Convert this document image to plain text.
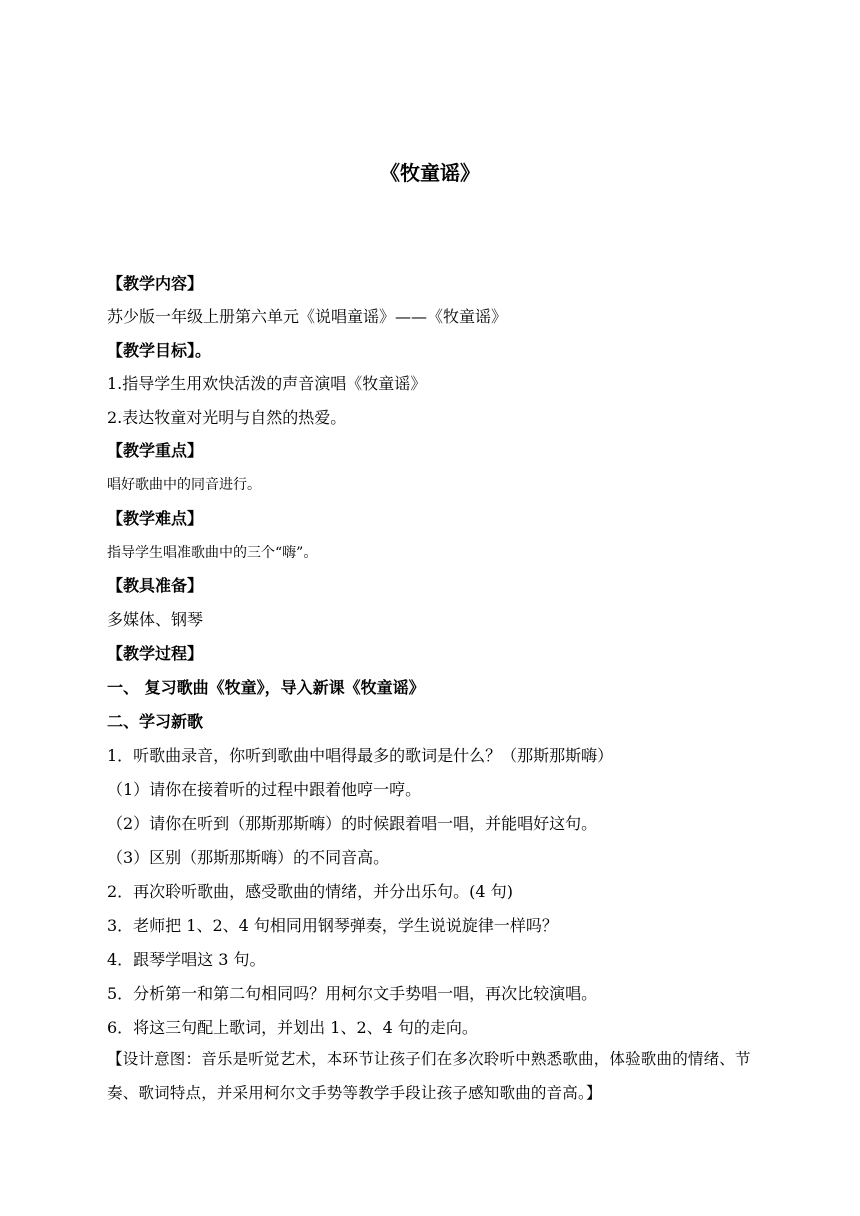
《牧童谣》
【教学内容】
苏少版一年级上册第六单元《说唱童谣》——《牧童谣》
【教学目标】。
1.指导学生用欢快活泼的声音演唱《牧童谣》
2.表达牧童对光明与自然的热爱。
【教学重点】
唱好歌曲中的同音进行。
【教学难点】
指导学生唱准歌曲中的三个“嗨”。
【教具准备】
多媒体、钢琴
【教学过程】
一、 复习歌曲《牧童》，导入新课《牧童谣》
二、学习新歌
1．听歌曲录音，你听到歌曲中唱得最多的歌词是什么？（那斯那斯嗨）
（1）请你在接着听的过程中跟着他哼一哼。
（2）请你在听到（那斯那斯嗨）的时候跟着唱一唱，并能唱好这句。
（3）区别（那斯那斯嗨）的不同音高。
2．再次聆听歌曲，感受歌曲的情绪，并分出乐句。(4 句)
3．老师把 1、2、4 句相同用钢琴弹奏，学生说说旋律一样吗？
4．跟琴学唱这 3 句。
5．分析第一和第二句相同吗？用柯尔文手势唱一唱，再次比较演唱。
6．将这三句配上歌词，并划出 1、2、4 句的走向。
【设计意图：音乐是听觉艺术，本环节让孩子们在多次聆听中熟悉歌曲，体验歌曲的情绪、节奏、歌词特点，并采用柯尔文手势等教学手段让孩子感知歌曲的音高。】
